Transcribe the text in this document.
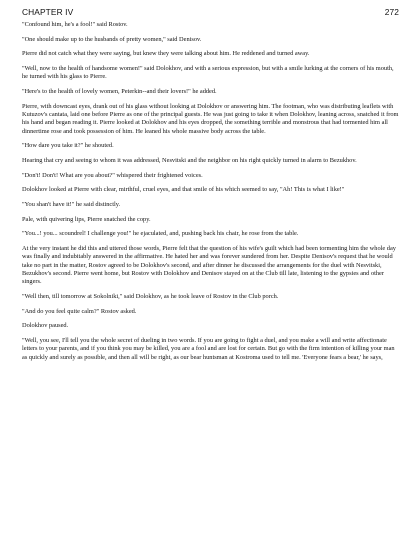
CHAPTER IV	272

"Confound him, he's a fool!" said Rostov.

"One should make up to the husbands of pretty women," said Denisov.

Pierre did not catch what they were saying, but knew they were talking about him. He reddened and turned away.

"Well, now to the health of handsome women!" said Dolokhov, and with a serious expression, but with a smile lurking at the corners of his mouth, he turned with his glass to Pierre.

"Here's to the health of lovely women, Peterkin--and their lovers!" he added.

Pierre, with downcast eyes, drank out of his glass without looking at Dolokhov or answering him. The footman, who was distributing leaflets with Kutuzov's cantata, laid one before Pierre as one of the principal guests. He was just going to take it when Dolokhov, leaning across, snatched it from his hand and began reading it. Pierre looked at Dolokhov and his eyes dropped, the something terrible and monstrous that had tormented him all dinnertime rose and took possession of him. He leaned his whole massive body across the table.

"How dare you take it?" he shouted.

Hearing that cry and seeing to whom it was addressed, Nesvitski and the neighbor on his right quickly turned in alarm to Bezukhov.

"Don't! Don't! What are you about?" whispered their frightened voices.

Dolokhov looked at Pierre with clear, mirthful, cruel eyes, and that smile of his which seemed to say, "Ah! This is what I like!"

"You shan't have it!" he said distinctly.

Pale, with quivering lips, Pierre snatched the copy.

"You...! you... scoundrel! I challenge you!" he ejaculated, and, pushing back his chair, he rose from the table.

At the very instant he did this and uttered those words, Pierre felt that the question of his wife's guilt which had been tormenting him the whole day was finally and indubitably answered in the affirmative. He hated her and was forever sundered from her. Despite Denisov's request that he would take no part in the matter, Rostov agreed to be Dolokhov's second, and after dinner he discussed the arrangements for the duel with Nesvitski, Bezukhov's second. Pierre went home, but Rostov with Dolokhov and Denisov stayed on at the Club till late, listening to the gypsies and other singers.

"Well then, till tomorrow at Sokolniki," said Dolokhov, as he took leave of Rostov in the Club porch.

"And do you feel quite calm?" Rostov asked.

Dolokhov paused.

"Well, you see, I'll tell you the whole secret of dueling in two words. If you are going to fight a duel, and you make a will and write affectionate letters to your parents, and if you think you may be killed, you are a fool and are lost for certain. But go with the firm intention of killing your man as quickly and surely as possible, and then all will be right, as our bear huntsman at Kostroma used to tell me. 'Everyone fears a bear,' he says,
